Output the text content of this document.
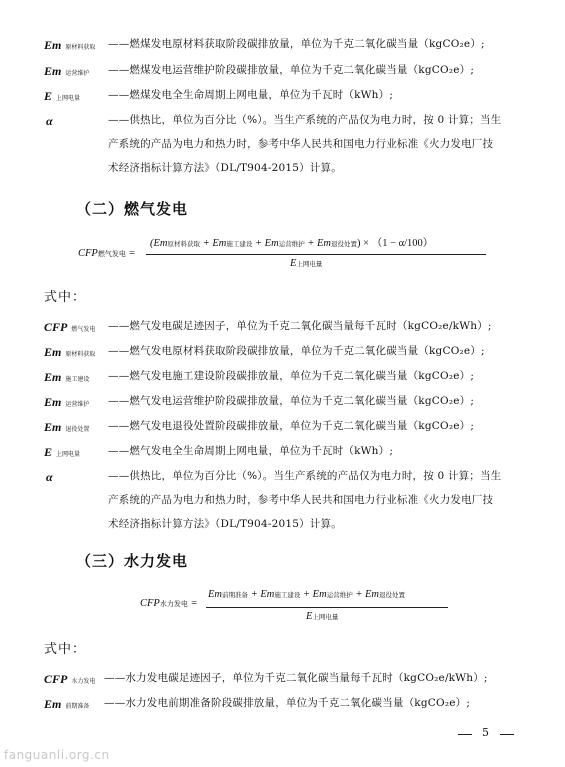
Em 原材料获取 ——燃煤发电原材料获取阶段碳排放量，单位为千克二氧化碳当量（kgCO₂e）;
Em 运营维护 ——燃煤发电运营维护阶段碳排放量，单位为千克二氧化碳当量（kgCO₂e）;
E上网电量	——燃煤发电全生命周期上网电量，单位为千瓦时（kWh）;
α	——供热比，单位为百分比（%）。当生产系统的产品仅为电力时，按 0 计算；当生
产系统的产品为电力和热力时，参考中华人民共和国电力行业标准《火力发电厂技
术经济指标计算方法》（DL/T904-2015）计算。
（二）燃气发电
CFP燃气发电 =
(Em原材料获取 + Em施工建设 + Em运营维护 + Em退役处置) × （1 − α/100）
E上网电量
式中：
CFP 燃气发电 ——燃气发电碳足迹因子，单位为千克二氧化碳当量每千瓦时（kgCO₂e/kWh）;
Em 原材料获取 ——燃气发电原材料获取阶段碳排放量，单位为千克二氧化碳当量（kgCO₂e）;
Em 施工建设 ——燃气发电施工建设阶段碳排放量，单位为千克二氧化碳当量（kgCO₂e）;
Em 运营维护 ——燃气发电运营维护阶段碳排放量，单位为千克二氧化碳当量（kgCO₂e）;
Em 退役处置 ——燃气发电退役处置阶段碳排放量，单位为千克二氧化碳当量（kgCO₂e）;
E上网电量	——燃气发电全生命周期上网电量，单位为千瓦时（kWh）;
α	——供热比，单位为百分比（%）。当生产系统的产品仅为电力时，按 0 计算；当生
产系统的产品为电力和热力时，参考中华人民共和国电力行业标准《火力发电厂技
术经济指标计算方法》（DL/T904-2015）计算。
（三）水力发电
CFP水力发电 =
Em前期准备 + Em施工建设 + Em运营维护 + Em退役处置
E上网电量
式中：
CFP 水力发电 ——水力发电碳足迹因子，单位为千克二氧化碳当量每千瓦时（kgCO₂e/kWh）;
Em 前期准备 ——水力发电前期准备阶段碳排放量，单位为千克二氧化碳当量（kgCO₂e）;
5
fanguanli.org.cn
